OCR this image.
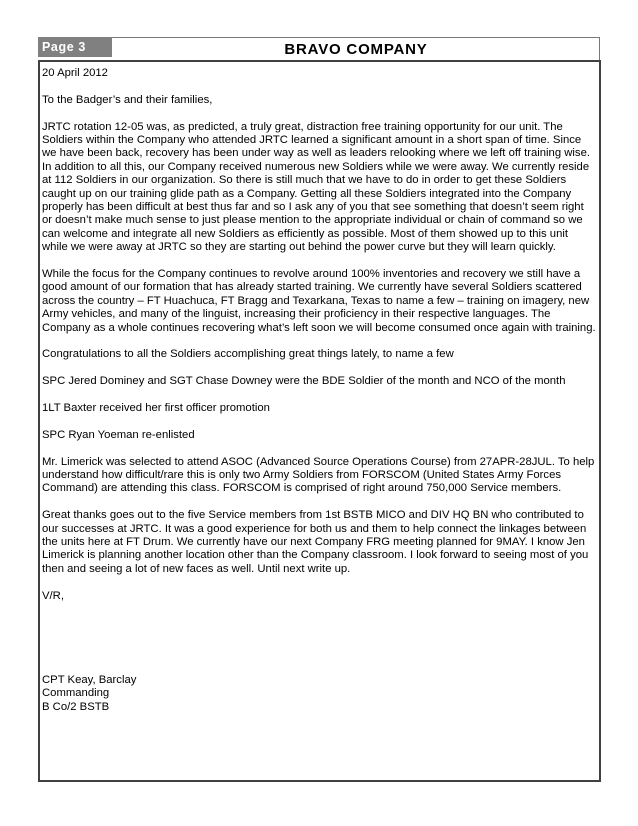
Page 3	BRAVO COMPANY

20 April 2012

To the Badger’s and their families,

JRTC rotation 12-05 was, as predicted, a truly great, distraction free training opportunity for our unit. The Soldiers within the Company who attended JRTC learned a significant amount in a short span of time. Since we have been back, recovery has been under way as well as leaders relooking where we left off training wise. In addition to all this, our Company received numerous new Soldiers while we were away. We currently reside at 112 Soldiers in our organization. So there is still much that we have to do in order to get these Soldiers caught up on our training glide path as a Company. Getting all these Soldiers integrated into the Company properly has been difficult at best thus far and so I ask any of you that see something that doesn’t seem right or doesn’t make much sense to just please mention to the appropriate individual or chain of command so we can welcome and integrate all new Soldiers as efficiently as possible. Most of them showed up to this unit while we were away at JRTC so they are starting out behind the power curve but they will learn quickly.

While the focus for the Company continues to revolve around 100% inventories and recovery we still have a good amount of our formation that has already started training. We currently have several Soldiers scattered across the country – FT Huachuca, FT Bragg and Texarkana, Texas to name a few – training on imagery, new Army vehicles, and many of the linguist, increasing their proficiency in their respective languages. The Company as a whole continues recovering what’s left soon we will become consumed once again with training.

Congratulations to all the Soldiers accomplishing great things lately, to name a few

SPC Jered Dominey and SGT Chase Downey were the BDE Soldier of the month and NCO of the month

1LT Baxter received her first officer promotion

SPC Ryan Yoeman re-enlisted

Mr. Limerick was selected to attend ASOC (Advanced Source Operations Course) from 27APR-28JUL. To help understand how difficult/rare this is only two Army Soldiers from FORSCOM (United States Army Forces Command) are attending this class. FORSCOM is comprised of right around 750,000 Service members.

Great thanks goes out to the five Service members from 1st BSTB MICO and DIV HQ BN who contributed to our successes at JRTC. It was a good experience for both us and them to help connect the linkages between the units here at FT Drum. We currently have our next Company FRG meeting planned for 9MAY. I know Jen Limerick is planning another location other than the Company classroom. I look forward to seeing most of you then and seeing a lot of new faces as well. Until next write up.

V/R,

CPT Keay, Barclay
Commanding
B Co/2 BSTB
